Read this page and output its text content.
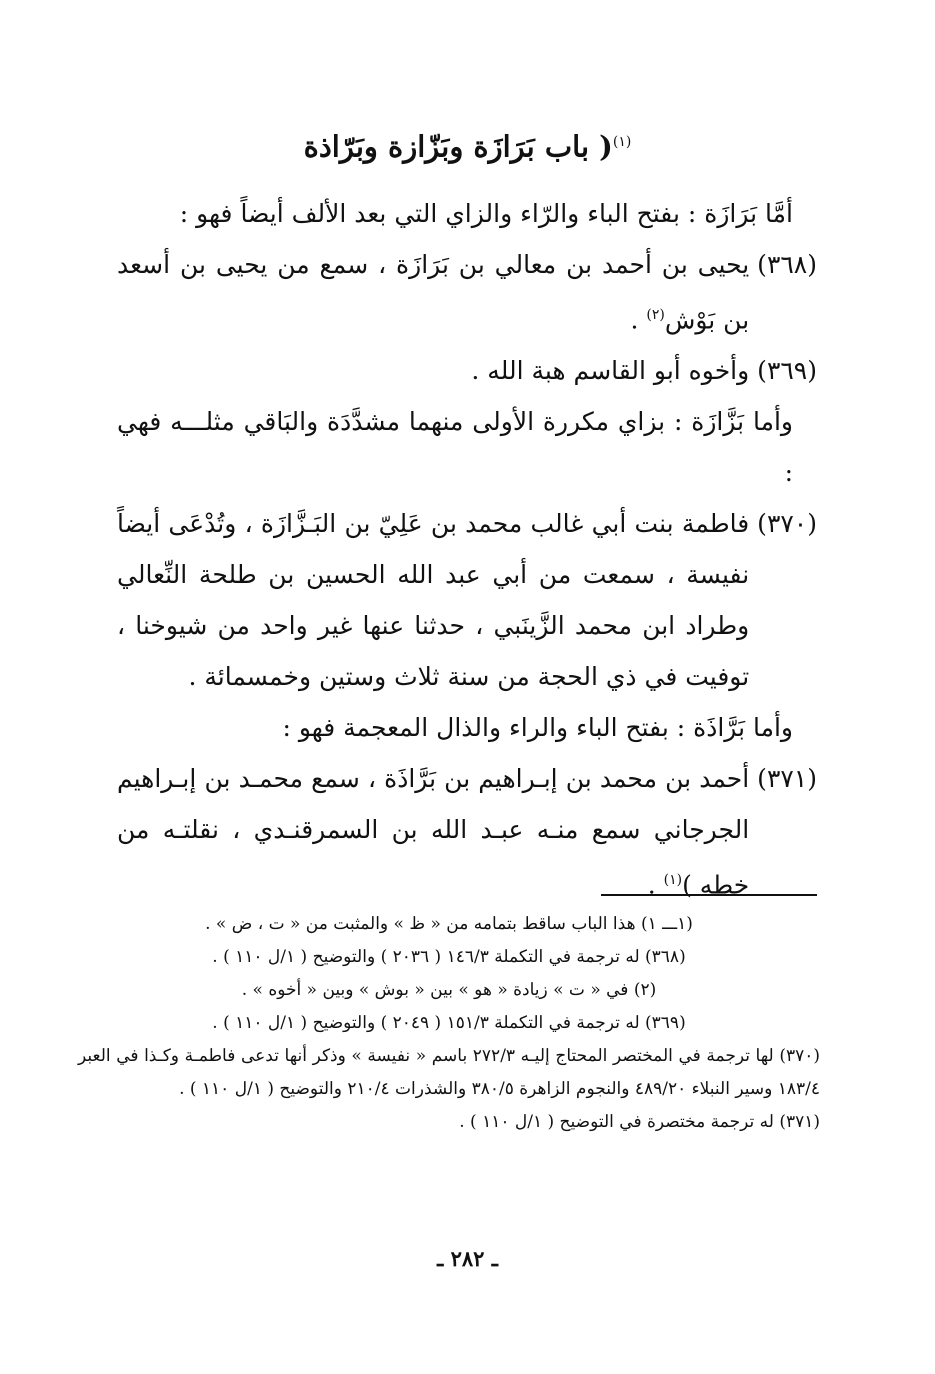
$^{(١)}$( باب بَرَازَة وبَزّازة وبَرّاذة

أمَّا بَرَازَة : بفتح الباء والرّاء والزاي التي بعد الألف أيضاً فهو :

(٣٦٨)
يحيى بن أحمد بن معالي بن بَرَازَة ، سمع من يحيى بن أسعد بن بَوْش$^{(٢)}$ .
(٣٦٩)
وأخوه أبو القاسم هبة الله .

وأما بَزَّازَة : بزاي مكررة الأولى منهما مشدَّدَة والبَاقي مثلـــه فهي :

(٣٧٠)
فاطمة بنت أبي غالب محمد بن عَلِيّ بن البَـزَّازَة ، وتُدْعَى أيضاً نفيسة ، سمعت من أبي عبد الله الحسين بن طلحة النِّعالي وطراد ابن محمد الزَّينَبي ، حدثنا عنها غير واحد من شيوخنا ، توفيت في ذي الحجة من سنة ثلاث وستين وخمسمائة .

وأما بَرَّاذَة : بفتح الباء والراء والذال المعجمة فهو :

(٣٧١)
أحمد بن محمد بن إبـراهيم بن بَرَّاذَة ، سمع محمـد بن إبـراهيم الجرجاني سمع منـه عبـد الله بن السمرقنـدي ، نقلتـه من خطه )$^{(١)}$ .

(١ـــ ١) هذا الباب ساقط بتمامه من « ظ » والمثبت من « ت ، ض » .

(٣٦٨) له ترجمة في التكملة ١٤٦/٣ ( ٢٠٣٦ ) والتوضيح ( ١/ل ١١٠ ) .

(٢) في « ت » زيادة « هو » بين « بوش » وبين « أخوه » .

(٣٦٩) له ترجمة في التكملة ١٥١/٣ ( ٢٠٤٩ ) والتوضيح ( ١/ل ١١٠ ) .

(٣٧٠) لها ترجمة في المختصر المحتاج إليـه ٢٧٢/٣ باسم « نفيسة » وذكر أنها تدعى فاطمـة وكـذا في العبر ١٨٣/٤ وسير النبلاء ٤٨٩/٢٠ والنجوم الزاهرة ٣٨٠/٥ والشذرات ٢١٠/٤ والتوضيح ( ١/ل ١١٠ ) .

(٣٧١) له ترجمة مختصرة في التوضيح ( ١/ل ١١٠ ) .

ـ ٢٨٢ ـ
